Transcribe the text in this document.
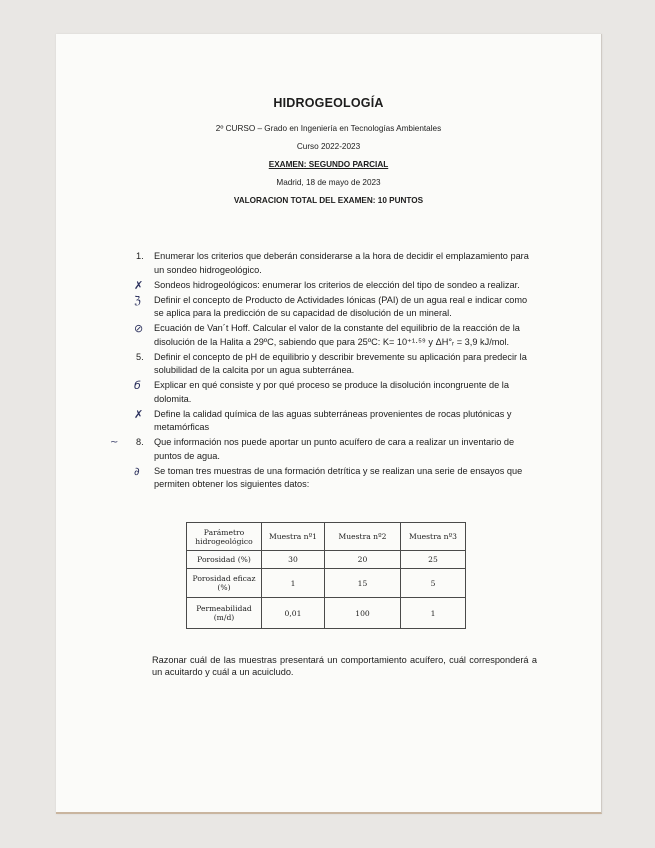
HIDROGEOLOGÍA
2º CURSO – Grado en Ingeniería en Tecnologías Ambientales
Curso 2022-2023
EXAMEN: SEGUNDO PARCIAL
Madrid, 18 de mayo de 2023
VALORACION TOTAL DEL EXAMEN: 10 PUNTOS
1. Enumerar los criterios que deberán considerarse a la hora de decidir el emplazamiento para un sondeo hidrogeológico.
✗	Sondeos hidrogeológicos: enumerar los criterios de elección del tipo de sondeo a realizar.
ℨ	Definir el concepto de Producto de Actividades Iónicas (PAI) de un agua real e indicar como se aplica para la predicción de su capacidad de disolución de un mineral.
⊘	Ecuación de Van´t Hoff. Calcular el valor de la constante del equilibrio de la reacción de la disolución de la Halita a 29ºC, sabiendo que para 25ºC: K= 10⁺¹·⁵⁹ y ΔH°ᵣ = 3,9 kJ/mol.
5. Definir el concepto de pH de equilibrio y describir brevemente su aplicación para predecir la solubilidad de la calcita por un agua subterránea.
б	Explicar en qué consiste y por qué proceso se produce la disolución incongruente de la dolomita.
✗	Define la calidad química de las aguas subterráneas provenientes de rocas plutónicas y metamórficas
~ 8. Que información nos puede aportar un punto acuífero de cara a realizar un inventario de puntos de agua.
∂	Se toman tres muestras de una formación detrítica y se realizan una serie de ensayos que permiten obtener los siguientes datos:
Parámetro hidrogeológico	Muestra nº1	Muestra nº2	Muestra nº3
Porosidad (%)	30	20	25
Porosidad eficaz (%)	1	15	5
Permeabilidad (m/d)	0,01	100	1
Razonar cuál de las muestras presentará un comportamiento acuífero, cuál corresponderá a un acuitardo y cuál a un acuicludo.
